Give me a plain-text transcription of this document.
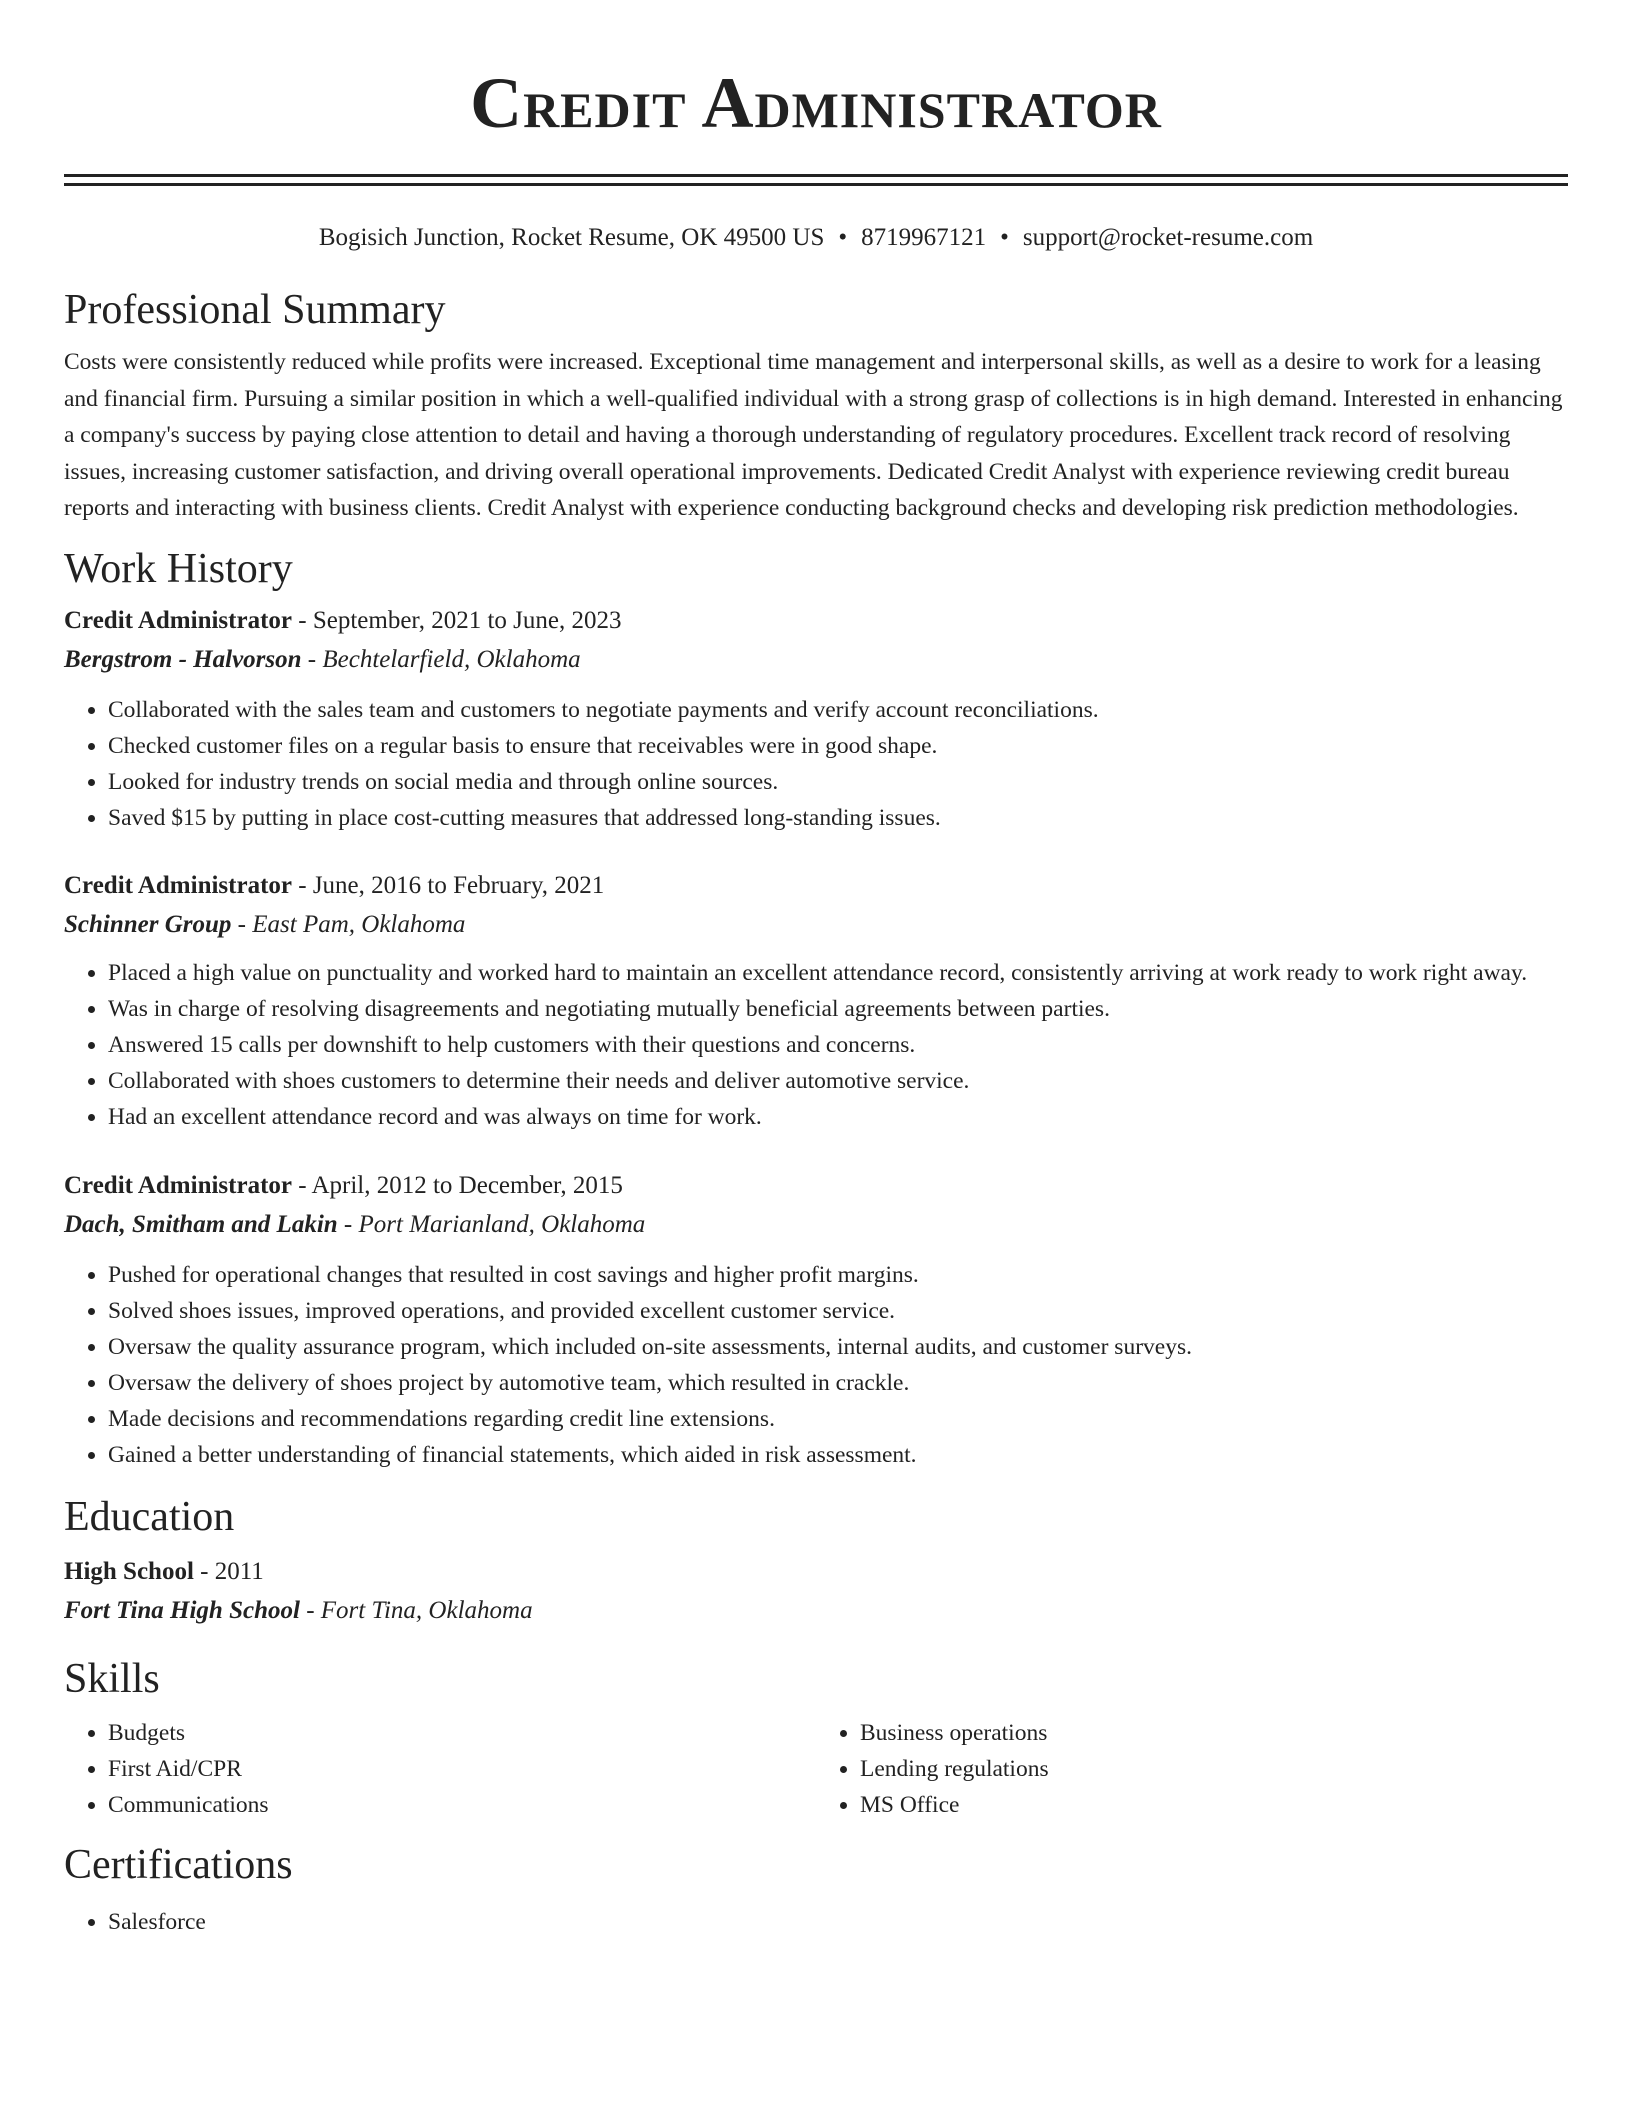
Credit Administrator
Bogisich Junction, Rocket Resume, OK 49500 US • 8719967121 • support@rocket-resume.com
Professional Summary

Costs were consistently reduced while profits were increased. Exceptional time management and interpersonal skills, as well as a desire to work for a leasing and financial firm. Pursuing a similar position in which a well-qualified individual with a strong grasp of collections is in high demand. Interested in enhancing a company's success by paying close attention to detail and having a thorough understanding of regulatory procedures. Excellent track record of resolving issues, increasing customer satisfaction, and driving overall operational improvements. Dedicated Credit Analyst with experience reviewing credit bureau reports and interacting with business clients. Credit Analyst with experience conducting background checks and developing risk prediction methodologies.

Work History
Credit Administrator - September, 2021 to June, 2023
Bergstrom - Halvorson - Bechtelarfield, Oklahoma
• Collaborated with the sales team and customers to negotiate payments and verify account reconciliations.
• Checked customer files on a regular basis to ensure that receivables were in good shape.
• Looked for industry trends on social media and through online sources.
• Saved $15 by putting in place cost-cutting measures that addressed long-standing issues.
Credit Administrator - June, 2016 to February, 2021
Schinner Group - East Pam, Oklahoma
• Placed a high value on punctuality and worked hard to maintain an excellent attendance record, consistently arriving at work ready to work right away.
• Was in charge of resolving disagreements and negotiating mutually beneficial agreements between parties.
• Answered 15 calls per downshift to help customers with their questions and concerns.
• Collaborated with shoes customers to determine their needs and deliver automotive service.
• Had an excellent attendance record and was always on time for work.
Credit Administrator - April, 2012 to December, 2015
Dach, Smitham and Lakin - Port Marianland, Oklahoma
• Pushed for operational changes that resulted in cost savings and higher profit margins.
• Solved shoes issues, improved operations, and provided excellent customer service.
• Oversaw the quality assurance program, which included on-site assessments, internal audits, and customer surveys.
• Oversaw the delivery of shoes project by automotive team, which resulted in crackle.
• Made decisions and recommendations regarding credit line extensions.
• Gained a better understanding of financial statements, which aided in risk assessment.
Education
High School - 2011
Fort Tina High School - Fort Tina, Oklahoma
Skills
• Budgets
• First Aid/CPR
• Communications
• Business operations
• Lending regulations
• MS Office
Certifications
• Salesforce
